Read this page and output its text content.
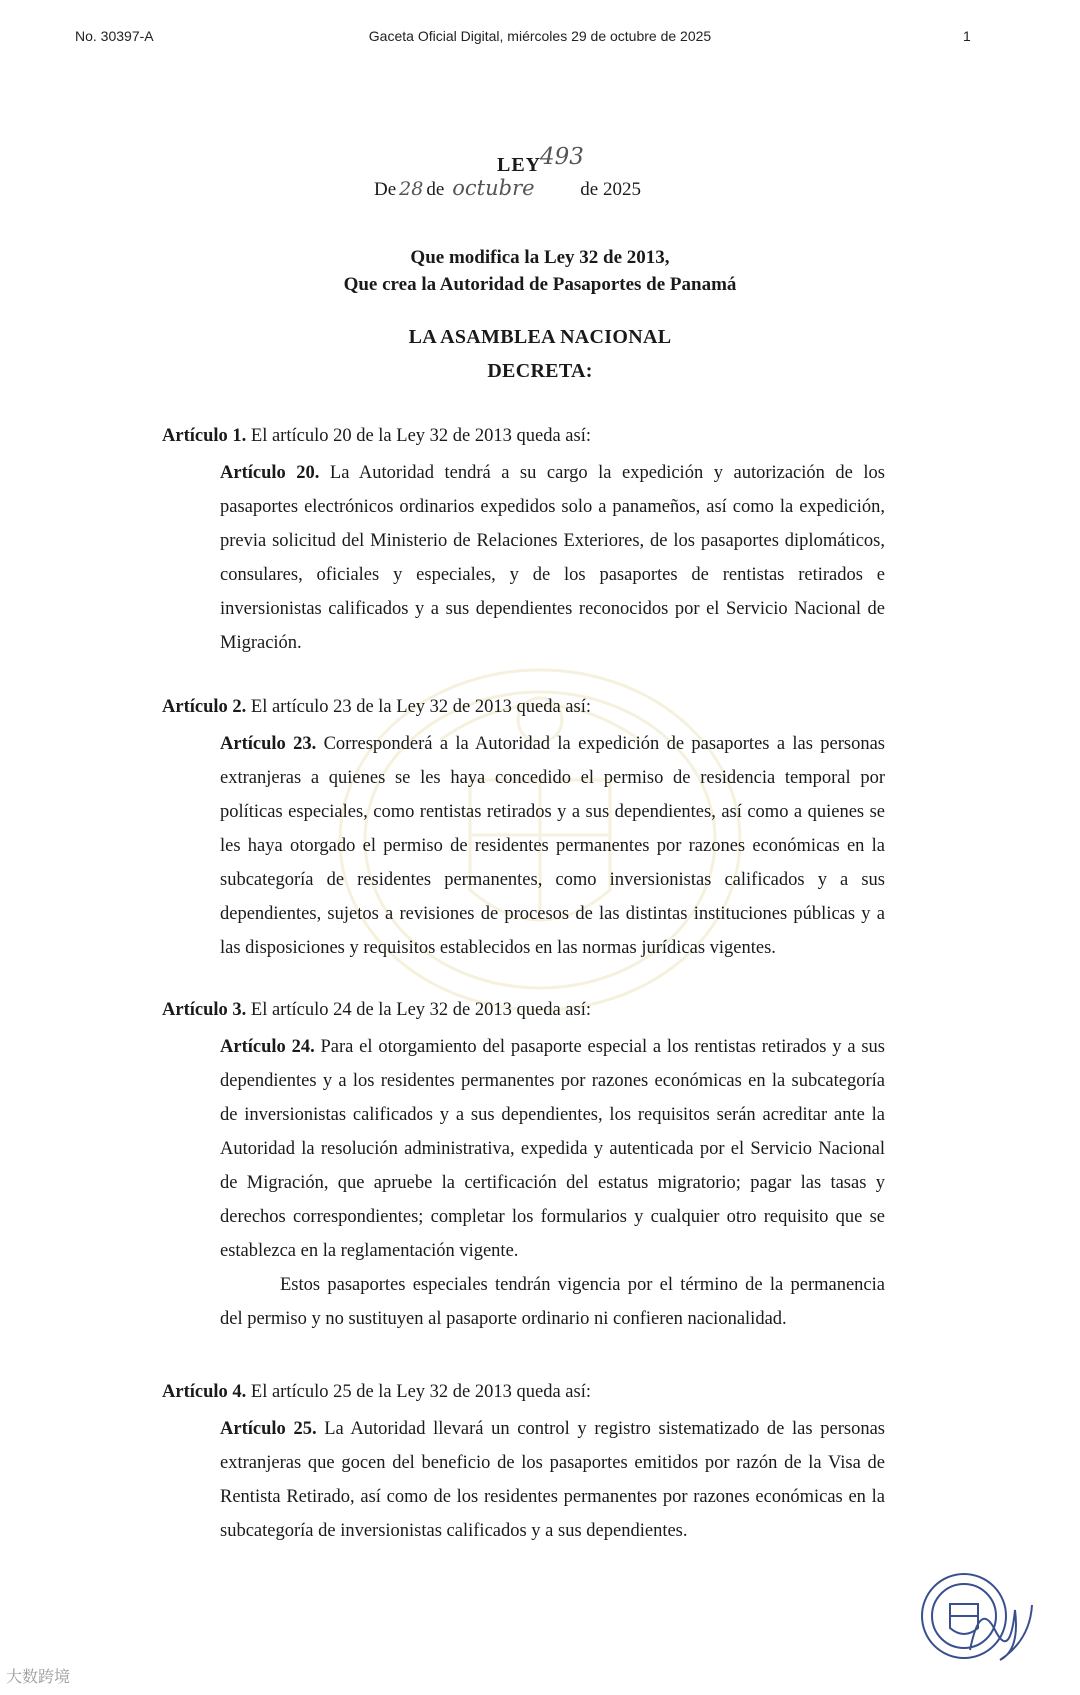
No. 30397-A	Gaceta Oficial Digital, miércoles 29 de octubre de 2025	1
LEY
493
De 28 de octubre de 2025
Que modifica la Ley 32 de 2013,
Que crea la Autoridad de Pasaportes de Panamá
LA ASAMBLEA NACIONAL
DECRETA:
Artículo 1. El artículo 20 de la Ley 32 de 2013 queda así:

Artículo 20. La Autoridad tendrá a su cargo la expedición y autorización de los pasaportes electrónicos ordinarios expedidos solo a panameños, así como la expedición, previa solicitud del Ministerio de Relaciones Exteriores, de los pasaportes diplomáticos, consulares, oficiales y especiales, y de los pasaportes de rentistas retirados e inversionistas calificados y a sus dependientes reconocidos por el Servicio Nacional de Migración.

Artículo 2. El artículo 23 de la Ley 32 de 2013 queda así:

Artículo 23. Corresponderá a la Autoridad la expedición de pasaportes a las personas extranjeras a quienes se les haya concedido el permiso de residencia temporal por políticas especiales, como rentistas retirados y a sus dependientes, así como a quienes se les haya otorgado el permiso de residentes permanentes por razones económicas en la subcategoría de residentes permanentes, como inversionistas calificados y a sus dependientes, sujetos a revisiones de procesos de las distintas instituciones públicas y a las disposiciones y requisitos establecidos en las normas jurídicas vigentes.

Artículo 3. El artículo 24 de la Ley 32 de 2013 queda así:

Artículo 24. Para el otorgamiento del pasaporte especial a los rentistas retirados y a sus dependientes y a los residentes permanentes por razones económicas en la subcategoría de inversionistas calificados y a sus dependientes, los requisitos serán acreditar ante la Autoridad la resolución administrativa, expedida y autenticada por el Servicio Nacional de Migración, que apruebe la certificación del estatus migratorio; pagar las tasas y derechos correspondientes; completar los formularios y cualquier otro requisito que se establezca en la reglamentación vigente.

Estos pasaportes especiales tendrán vigencia por el término de la permanencia del permiso y no sustituyen al pasaporte ordinario ni confieren nacionalidad.

Artículo 4. El artículo 25 de la Ley 32 de 2013 queda así:

Artículo 25. La Autoridad llevará un control y registro sistematizado de las personas extranjeras que gocen del beneficio de los pasaportes emitidos por razón de la Visa de Rentista Retirado, así como de los residentes permanentes por razones económicas en la subcategoría de inversionistas calificados y a sus dependientes.

大数跨境
